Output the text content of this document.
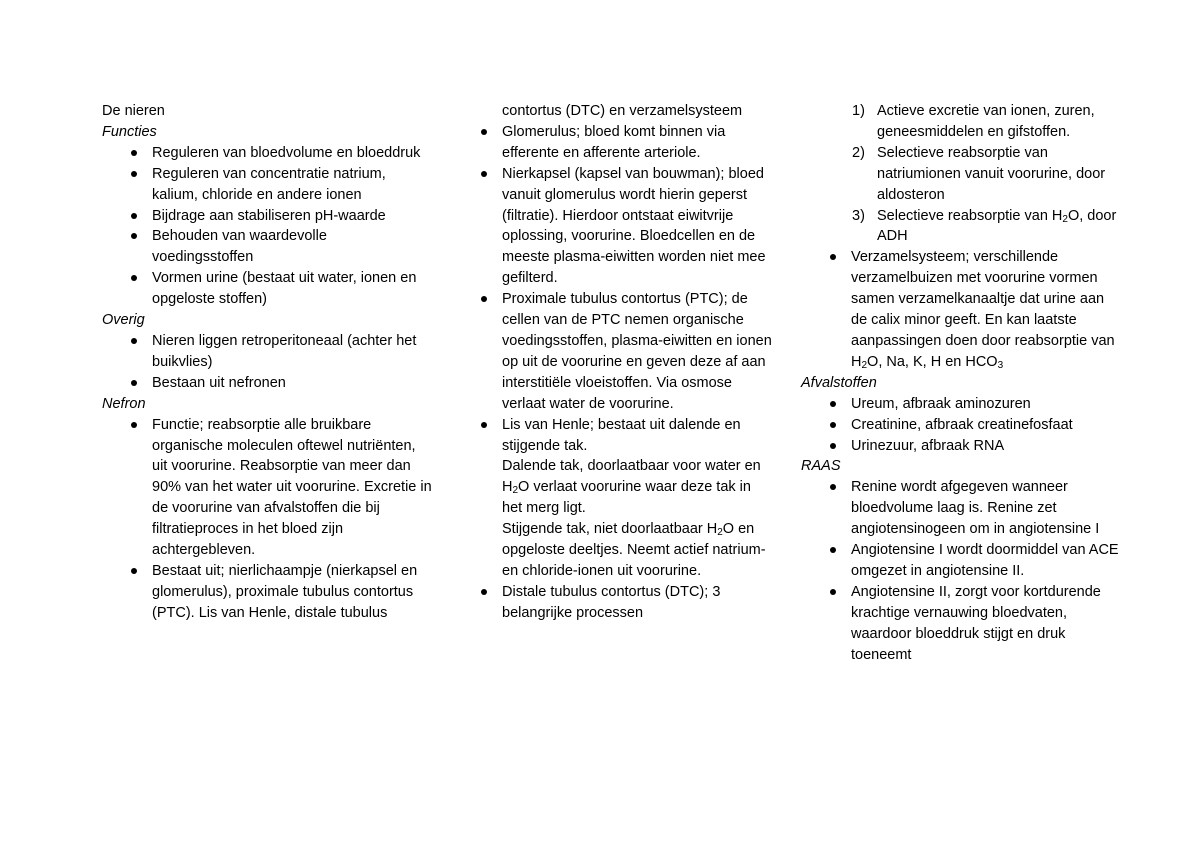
De nieren
Functies
Reguleren van bloedvolume en bloeddruk
Reguleren van concentratie natrium, kalium, chloride en andere ionen
Bijdrage aan stabiliseren pH-waarde
Behouden van waardevolle voedingsstoffen
Vormen urine (bestaat uit water, ionen en opgeloste stoffen)
Overig
Nieren liggen retroperitoneaal (achter het buikvlies)
Bestaan uit nefronen
Nefron
Functie; reabsorptie alle bruikbare organische moleculen oftewel nutriënten, uit voorurine. Reabsorptie van meer dan 90% van het water uit voorurine. Excretie in de voorurine van afvalstoffen die bij filtratieproces in het bloed zijn achtergebleven.
Bestaat uit; nierlichaampje (nierkapsel en glomerulus), proximale tubulus contortus (PTC). Lis van Henle, distale tubulus
contortus (DTC) en verzamelsysteem
Glomerulus; bloed komt binnen via efferente en afferente arteriole.
Nierkapsel (kapsel van bouwman); bloed vanuit glomerulus wordt hierin geperst (filtratie). Hierdoor ontstaat eiwitvrije oplossing, voorurine. Bloedcellen en de meeste plasma-eiwitten worden niet mee gefilterd.
Proximale tubulus contortus (PTC); de cellen van de PTC nemen organische voedingsstoffen, plasma-eiwitten en ionen op uit de voorurine en geven deze af aan interstitiële vloeistoffen. Via osmose verlaat water de voorurine.
Lis van Henle; bestaat uit dalende en stijgende tak.
Dalende tak, doorlaatbaar voor water en $H_2O$ verlaat voorurine waar deze tak in het merg ligt.
Stijgende tak, niet doorlaatbaar $H_2O$ en opgeloste deeltjes. Neemt actief natrium- en chloride-ionen uit voorurine.
Distale tubulus contortus (DTC); 3 belangrijke processen
1) Actieve excretie van ionen, zuren, geneesmiddelen en gifstoffen.
2) Selectieve reabsorptie van natriumionen vanuit voorurine, door aldosteron
3) Selectieve reabsorptie van $H_2O$, door ADH
Verzamelsysteem; verschillende verzamelbuizen met voorurine vormen samen verzamelkanaaltje dat urine aan de calix minor geeft. En kan laatste aanpassingen doen door reabsorptie van $H_2O$, Na, K, H en $HCO_3$
Afvalstoffen
Ureum, afbraak aminozuren
Creatinine, afbraak creatinefosfaat
Urinezuur, afbraak RNA
RAAS
Renine wordt afgegeven wanneer bloedvolume laag is. Renine zet angiotensinogeen om in angiotensine I
Angiotensine I wordt doormiddel van ACE omgezet in angiotensine II.
Angiotensine II, zorgt voor kortdurende krachtige vernauwing bloedvaten, waardoor bloeddruk stijgt en druk toeneemt
